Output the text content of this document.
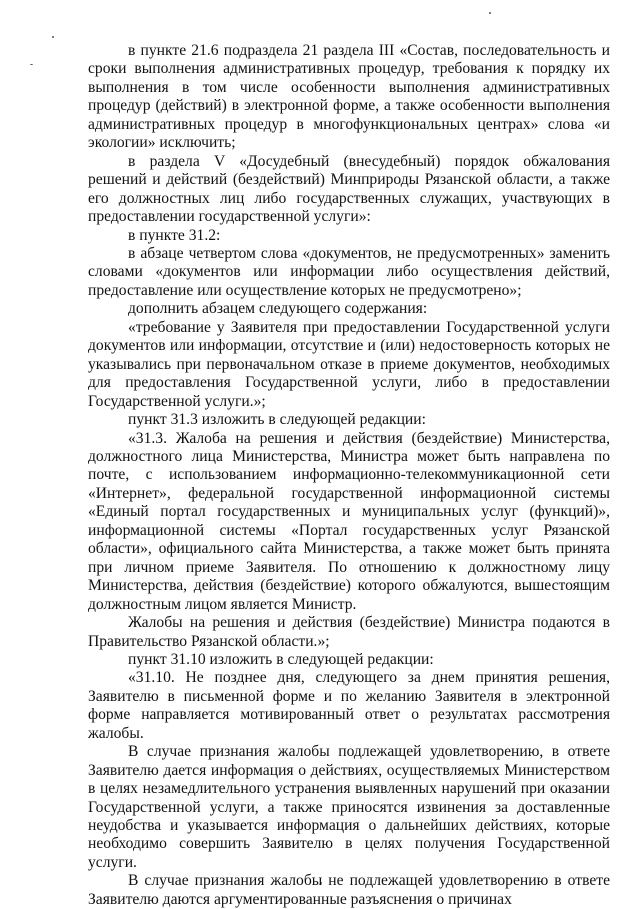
в пункте 21.6 подраздела 21 раздела III «Состав, последовательность и сроки выполнения административных процедур, требования к порядку их выполнения в том числе особенности выполнения административных процедур (действий) в электронной форме, а также особенности выполнения административных процедур в многофункциональных центрах» слова «и экологии» исключить;

в раздела V «Досудебный (внесудебный) порядок обжалования решений и действий (бездействий) Минприроды Рязанской области, а также его должностных лиц либо государственных служащих, участвующих в предоставлении государственной услуги»:

в пункте 31.2:

в абзаце четвертом слова «документов, не предусмотренных» заменить словами «документов или информации либо осуществления действий, предоставление или осуществление которых не предусмотрено»;

дополнить абзацем следующего содержания:

«требование у Заявителя при предоставлении Государственной услуги документов или информации, отсутствие и (или) недостоверность которых не указывались при первоначальном отказе в приеме документов, необходимых для предоставления Государственной услуги, либо в предоставлении Государственной услуги.»;

пункт 31.3 изложить в следующей редакции:

«31.3. Жалоба на решения и действия (бездействие) Министерства, должностного лица Министерства, Министра может быть направлена по почте, с использованием информационно-телекоммуникационной сети «Интернет», федеральной государственной информационной системы «Единый портал государственных и муниципальных услуг (функций)», информационной системы «Портал государственных услуг Рязанской области», официального сайта Министерства, а также может быть принята при личном приеме Заявителя. По отношению к должностному лицу Министерства, действия (бездействие) которого обжалуются, вышестоящим должностным лицом является Министр.

Жалобы на решения и действия (бездействие) Министра подаются в Правительство Рязанской области.»;

пункт 31.10 изложить в следующей редакции:

«31.10. Не позднее дня, следующего за днем принятия решения, Заявителю в письменной форме и по желанию Заявителя в электронной форме направляется мотивированный ответ о результатах рассмотрения жалобы.

В случае признания жалобы подлежащей удовлетворению, в ответе Заявителю дается информация о действиях, осуществляемых Министерством в целях незамедлительного устранения выявленных нарушений при оказании Государственной услуги, а также приносятся извинения за доставленные неудобства и указывается информация о дальнейших действиях, которые необходимо совершить Заявителю в целях получения Государственной услуги.

В случае признания жалобы не подлежащей удовлетворению в ответе Заявителю даются аргументированные разъяснения о причинах
